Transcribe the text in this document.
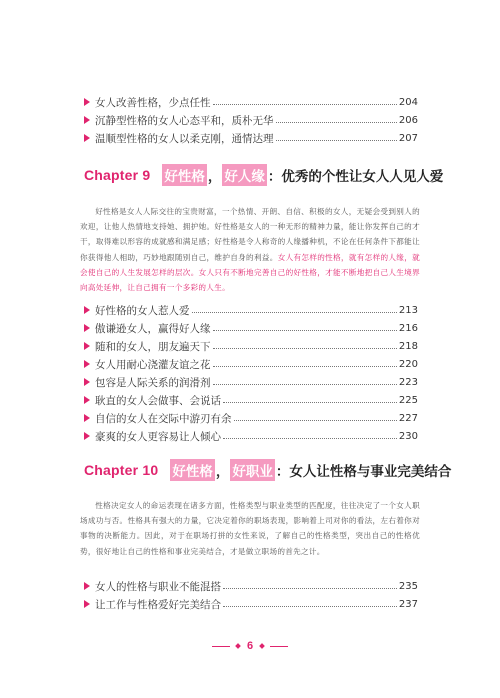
女人改善性格，少点任性	204
沉静型性格的女人心态平和，质朴无华	206
温顺型性格的女人以柔克刚，通情达理	207
Chapter 9 好性格 ， 好人缘 ：优秀的个性让女人人见人爱

好性格是女人人际交往的宝贵财富，一个热情、开朗、自信、积极的女人，无疑会受到别人的欢迎，让他人热情地支持她、拥护她。好性格是女人的一种无形的精神力量，能让你发挥自己的才干，取得难以形容的成就感和满足感；好性格是令人称奇的人缘播种机，不论在任何条件下都能让你获得他人相助，巧妙地跟随别自己，维护自身的利益。女人有怎样的性格，就有怎样的人缘，就会使自己的人生发展怎样的层次。女人只有不断地完善自己的好性格，才能不断地把自己人生境界向高处延伸，让自己拥有一个多彩的人生。

好性格的女人惹人爱	213
傲谦逊女人，赢得好人缘	216
随和的女人，朋友遍天下	218
女人用耐心浇灌友谊之花	220
包容是人际关系的润滑剂	223
耿直的女人会做事、会说话	225
自信的女人在交际中游刃有余	227
豪爽的女人更容易让人倾心	230
Chapter 10 好性格 ， 好职业 ：女人让性格与事业完美结合

性格决定女人的命运表现在诸多方面，性格类型与职业类型的匹配度，往往决定了一个女人职场成功与否。性格具有强大的力量，它决定着你的职场表现，影响着上司对你的看法，左右着你对事物的决断能力。因此，对于在职场打拼的女性来说，了解自己的性格类型，突出自己的性格优势，很好地让自己的性格和事业完美结合，才是做立职场的首先之计。

女人的性格与职业不能混搭	235
让工作与性格爱好完美结合	237
6
